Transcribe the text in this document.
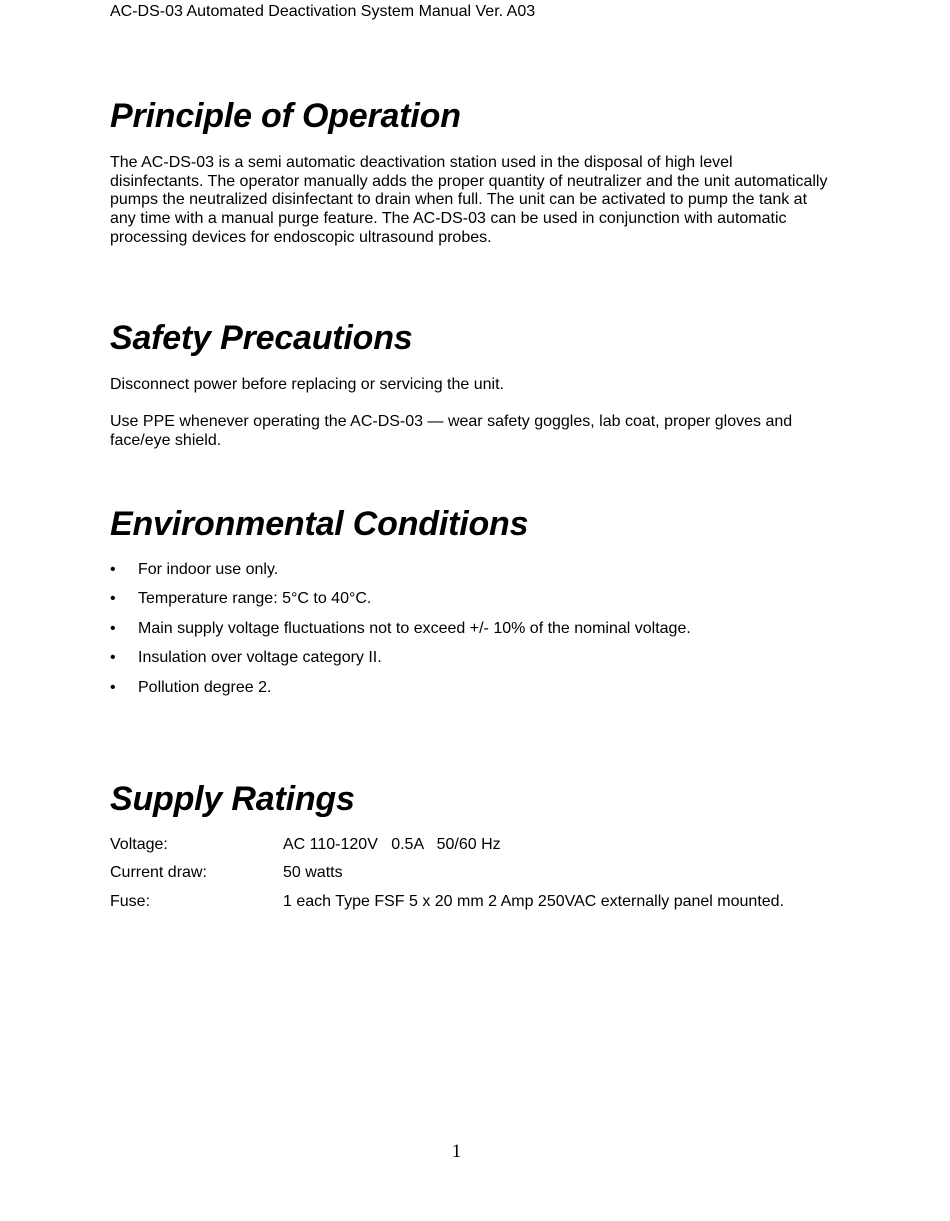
AC-DS-03 Automated Deactivation System Manual Ver. A03
Principle of Operation

The AC-DS-03 is a semi automatic deactivation station used in the disposal of high level disinfectants. The operator manually adds the proper quantity of neutralizer and the unit automatically pumps the neutralized disinfectant to drain when full. The unit can be activated to pump the tank at any time with a manual purge feature. The AC-DS-03 can be used in conjunction with automatic processing devices for endoscopic ultrasound probes.

Safety Precautions

Disconnect power before replacing or servicing the unit.

Use PPE whenever operating the AC-DS-03 — wear safety goggles, lab coat, proper gloves and face/eye shield.

Environmental Conditions
•	For indoor use only.
•	Temperature range: 5°C to 40°C.
•	Main supply voltage fluctuations not to exceed +/- 10% of the nominal voltage.
•	Insulation over voltage category II.
•	Pollution degree 2.
Supply Ratings
Voltage:	AC 110-120V   0.5A   50/60 Hz
Current draw:	50 watts
Fuse:	1 each Type FSF 5 x 20 mm 2 Amp 250VAC externally panel mounted.
1
